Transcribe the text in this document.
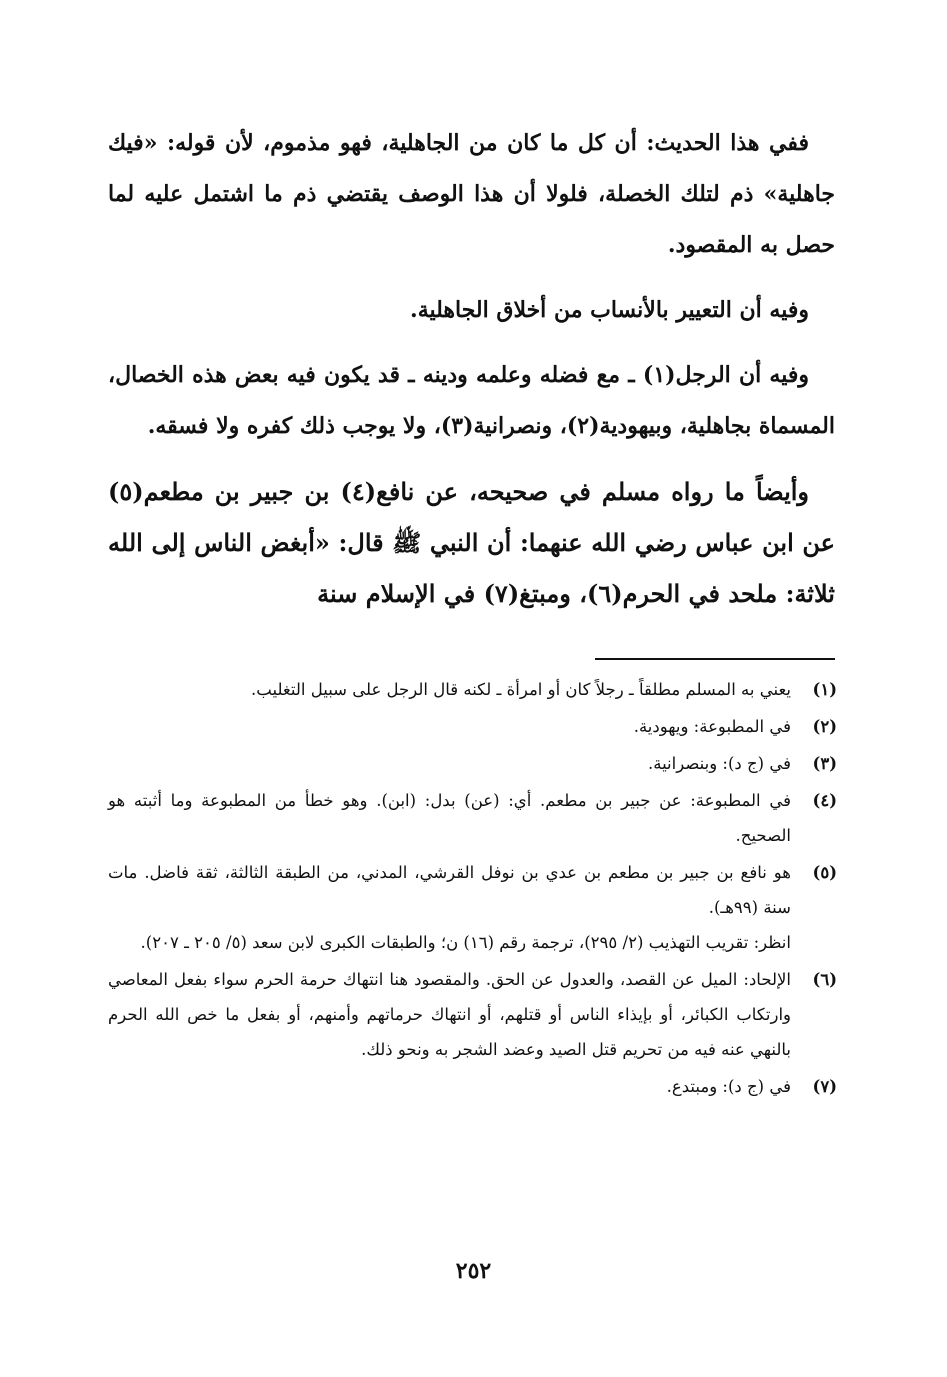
ففي هذا الحديث: أن كل ما كان من الجاهلية، فهو مذموم، لأن قوله: «فيك جاهلية» ذم لتلك الخصلة، فلولا أن هذا الوصف يقتضي ذم ما اشتمل عليه لما حصل به المقصود.

وفيه أن التعيير بالأنساب من أخلاق الجاهلية.

وفيه أن الرجل(١) ـ مع فضله وعلمه ودينه ـ قد يكون فيه بعض هذه الخصال، المسماة بجاهلية، وبيهودية(٢)، ونصرانية(٣)، ولا يوجب ذلك كفره ولا فسقه.

وأيضاً ما رواه مسلم في صحيحه، عن نافع(٤) بن جبير بن مطعم(٥) عن ابن عباس رضي الله عنهما: أن النبي ﷺ قال: «أبغض الناس إلى الله ثلاثة: ملحد في الحرم(٦)، ومبتغ(٧) في الإسلام سنة

(١)
يعني به المسلم مطلقاً ـ رجلاً كان أو امرأة ـ لكنه قال الرجل على سبيل التغليب.
(٢)
في المطبوعة: ويهودية.
(٣)
في (ج د): وبنصرانية.
(٤)
في المطبوعة: عن جبير بن مطعم. أي: (عن) بدل: (ابن). وهو خطأ من المطبوعة وما أثبته هو الصحيح.
(٥)
هو نافع بن جبير بن مطعم بن عدي بن نوفل القرشي، المدني، من الطبقة الثالثة، ثقة فاضل. مات سنة (٩٩هـ).
انظر: تقريب التهذيب (٢/ ٢٩٥)، ترجمة رقم (١٦) ن؛ والطبقات الكبرى لابن سعد (٥/ ٢٠٥ ـ ٢٠٧).
(٦)
الإلحاد: الميل عن القصد، والعدول عن الحق. والمقصود هنا انتهاك حرمة الحرم سواء بفعل المعاصي وارتكاب الكبائر، أو بإيذاء الناس أو قتلهم، أو انتهاك حرماتهم وأمنهم، أو بفعل ما خص الله الحرم بالنهي عنه فيه من تحريم قتل الصيد وعضد الشجر به ونحو ذلك.
(٧)
في (ج د): ومبتدع.
٢٥٢
